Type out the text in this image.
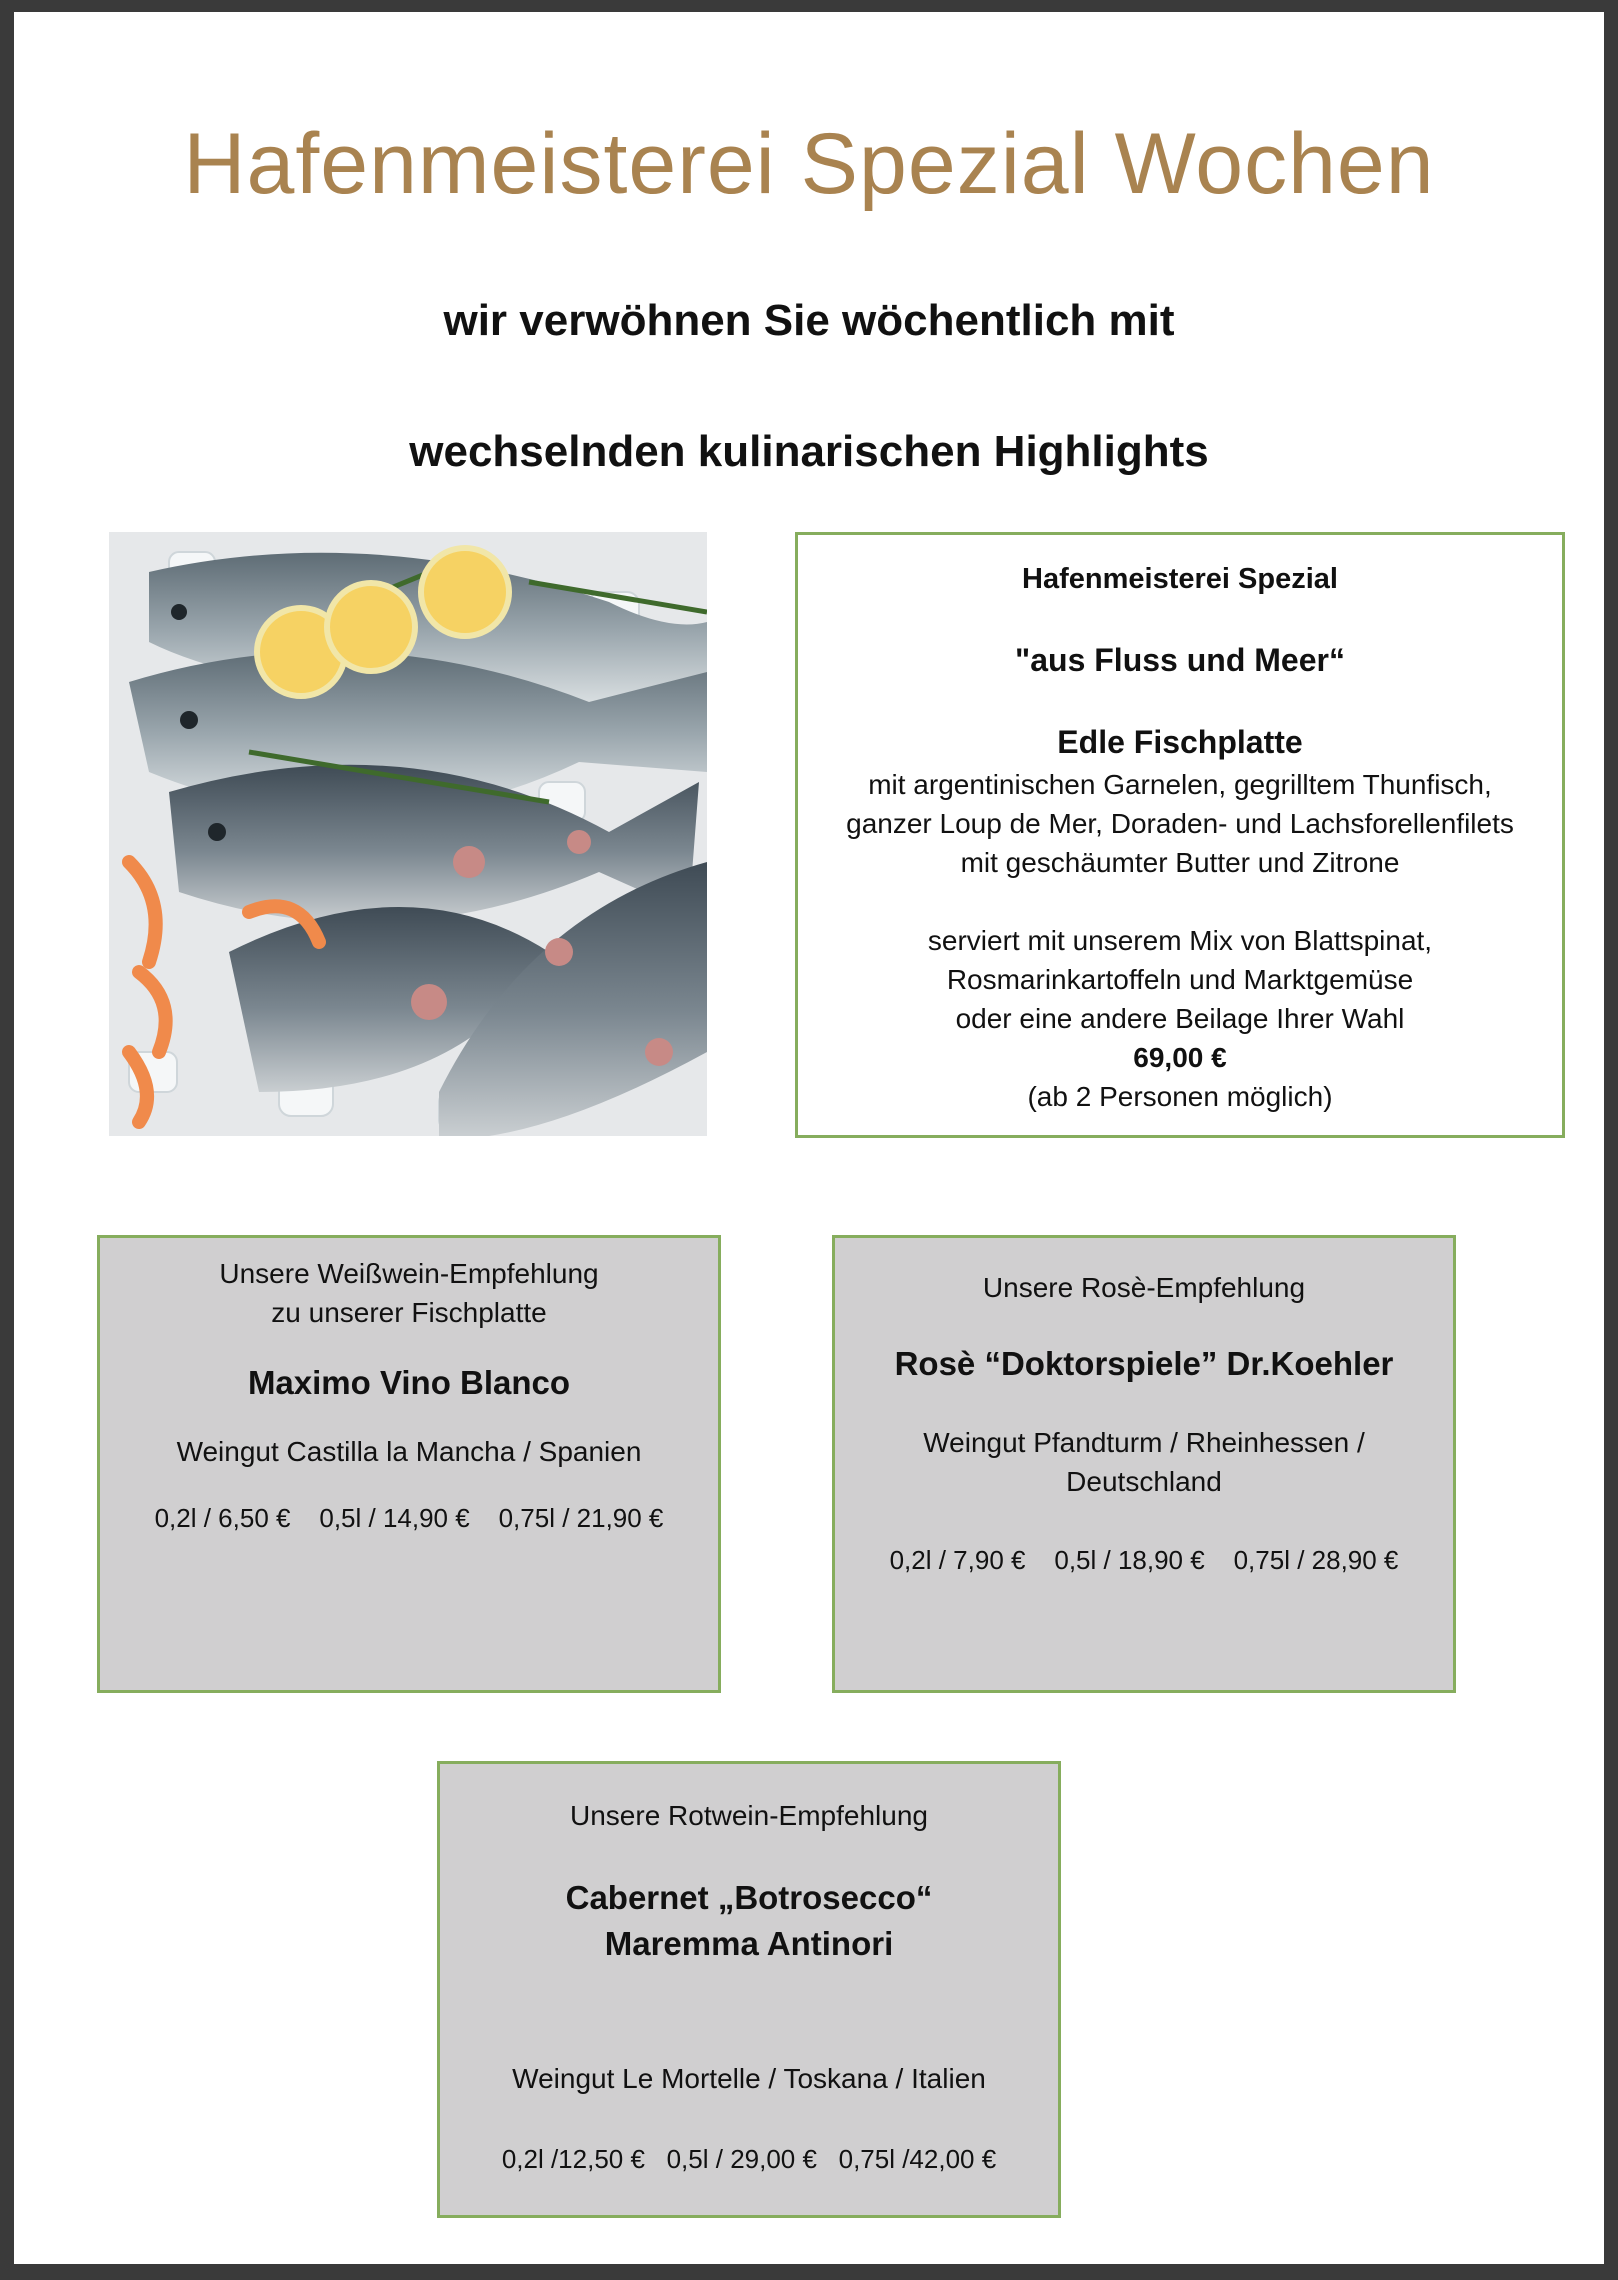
Hafenmeisterei Spezial Wochen
wir verwöhnen Sie wöchentlich mit
wechselnden kulinarischen Highlights
Hafenmeisterei Spezial
"aus Fluss und Meer“
Edle Fischplatte
mit argentinischen Garnelen, gegrilltem Thunfisch,
ganzer Loup de Mer, Doraden- und Lachsforellenfilets
mit geschäumter Butter und Zitrone
serviert mit unserem Mix von Blattspinat,
Rosmarinkartoffeln und Marktgemüse
oder eine andere Beilage Ihrer Wahl
69,00 €
(ab 2 Personen möglich)
Unsere Weißwein-Empfehlung
zu unserer Fischplatte
Maximo Vino Blanco
Weingut Castilla la Mancha / Spanien
0,2l / 6,50 €    0,5l / 14,90 €    0,75l / 21,90 €
Unsere Rosè-Empfehlung
Rosè “Doktorspiele” Dr.Koehler
Weingut Pfandturm / Rheinhessen /
Deutschland
0,2l / 7,90 €    0,5l / 18,90 €    0,75l / 28,90 €
Unsere Rotwein-Empfehlung
Cabernet „Botrosecco“
Maremma Antinori
Weingut Le Mortelle / Toskana / Italien
0,2l /12,50 €   0,5l / 29,00 €   0,75l /42,00 €
